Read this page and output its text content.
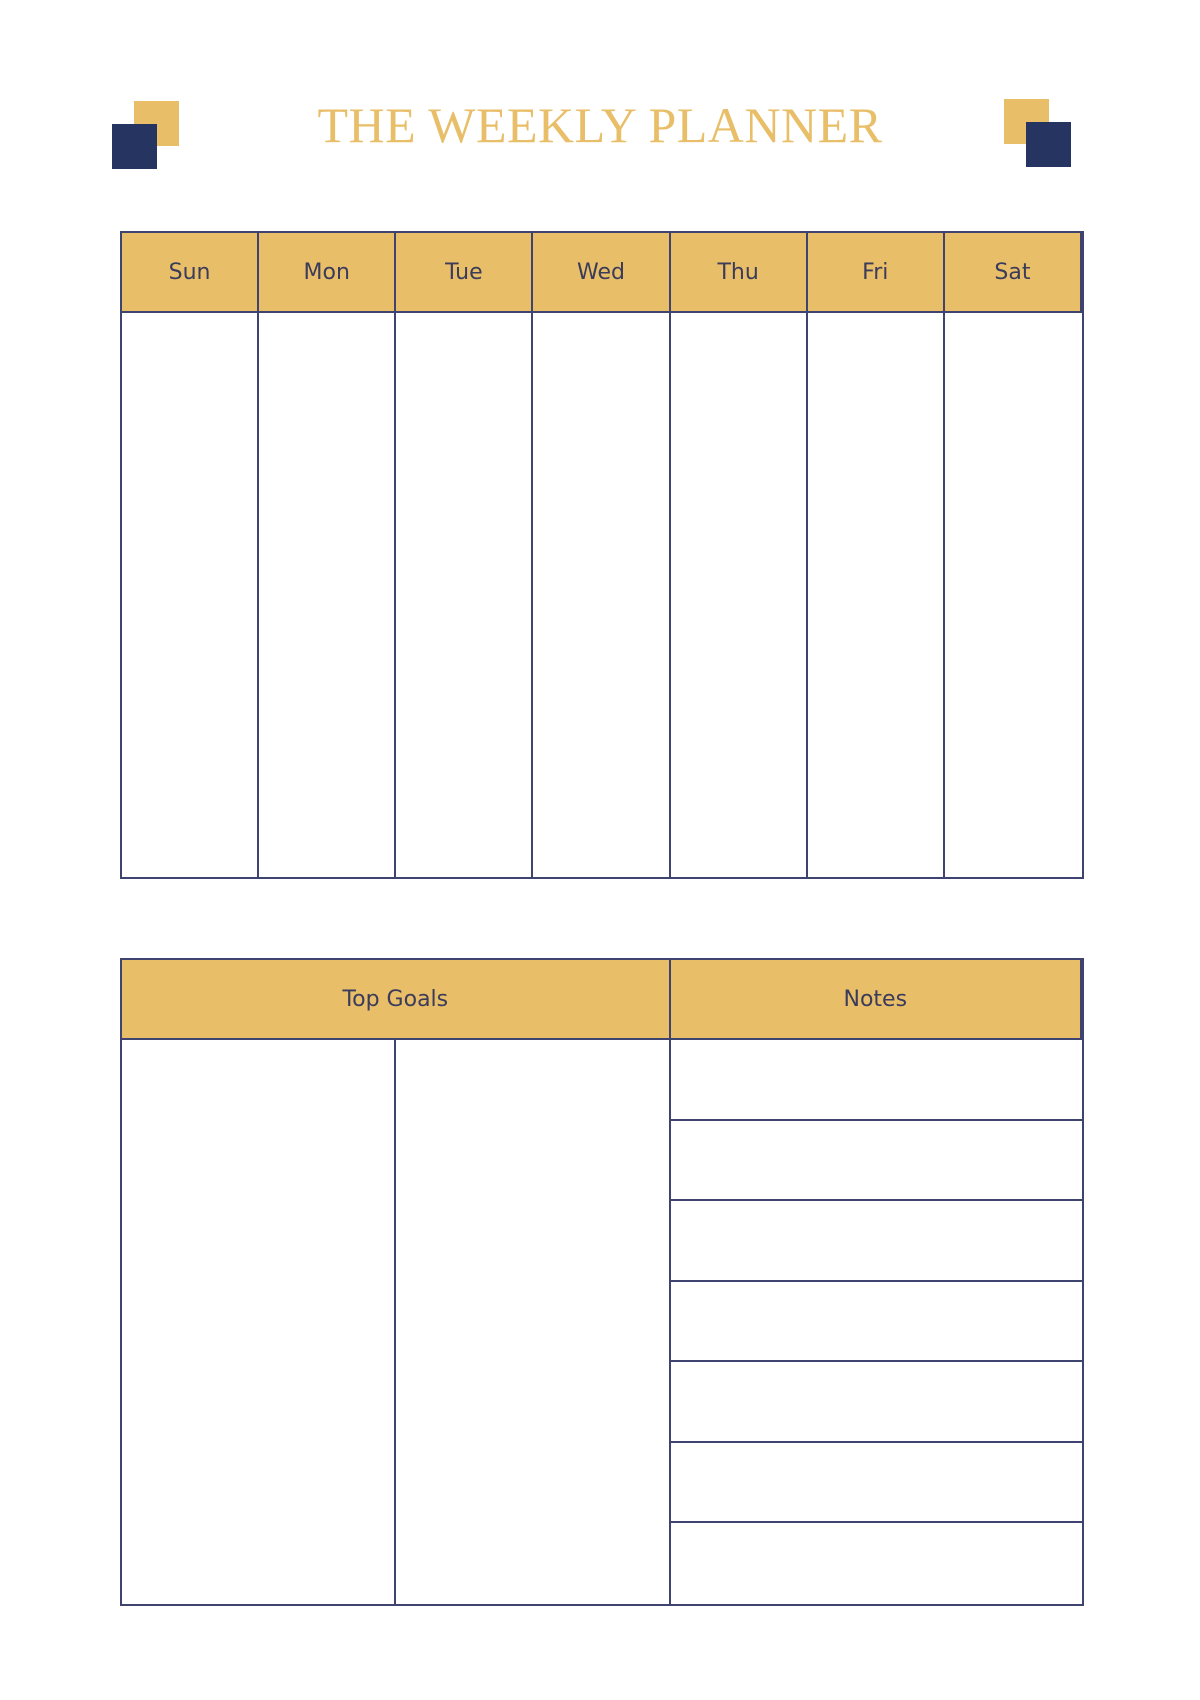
THE WEEKLY PLANNER
Sun	Mon	Tue	Wed	Thu	Fri	Sat
Top Goals	Notes
